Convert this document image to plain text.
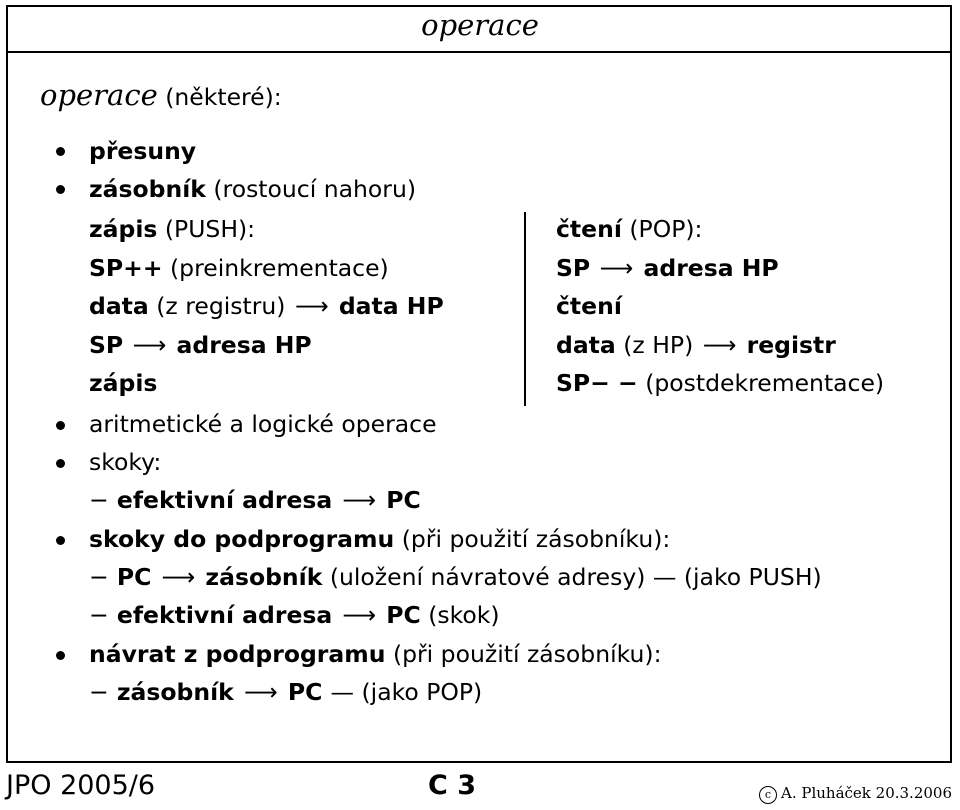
operace
operace (některé):
přesuny
zásobník (rostoucí nahoru)
zápis (PUSH):
SP++ (preinkrementace)
data (z registru) ⟶ data HP
SP ⟶ adresa HP
zápis
čtení (POP):
SP ⟶ adresa HP
čtení
data (z HP) ⟶ registr
SP− − (postdekrementace)
aritmetické a logické operace
skoky:
− efektivní adresa ⟶ PC
skoky do podprogramu (při použití zásobníku):
− PC ⟶ zásobník (uložení návratové adresy) — (jako PUSH)
− efektivní adresa ⟶ PC (skok)
návrat z podprogramu (při použití zásobníku):
− zásobník ⟶ PC — (jako POP)
JPO 2005/6	C 3	c A. Pluháček 20.3.2006
